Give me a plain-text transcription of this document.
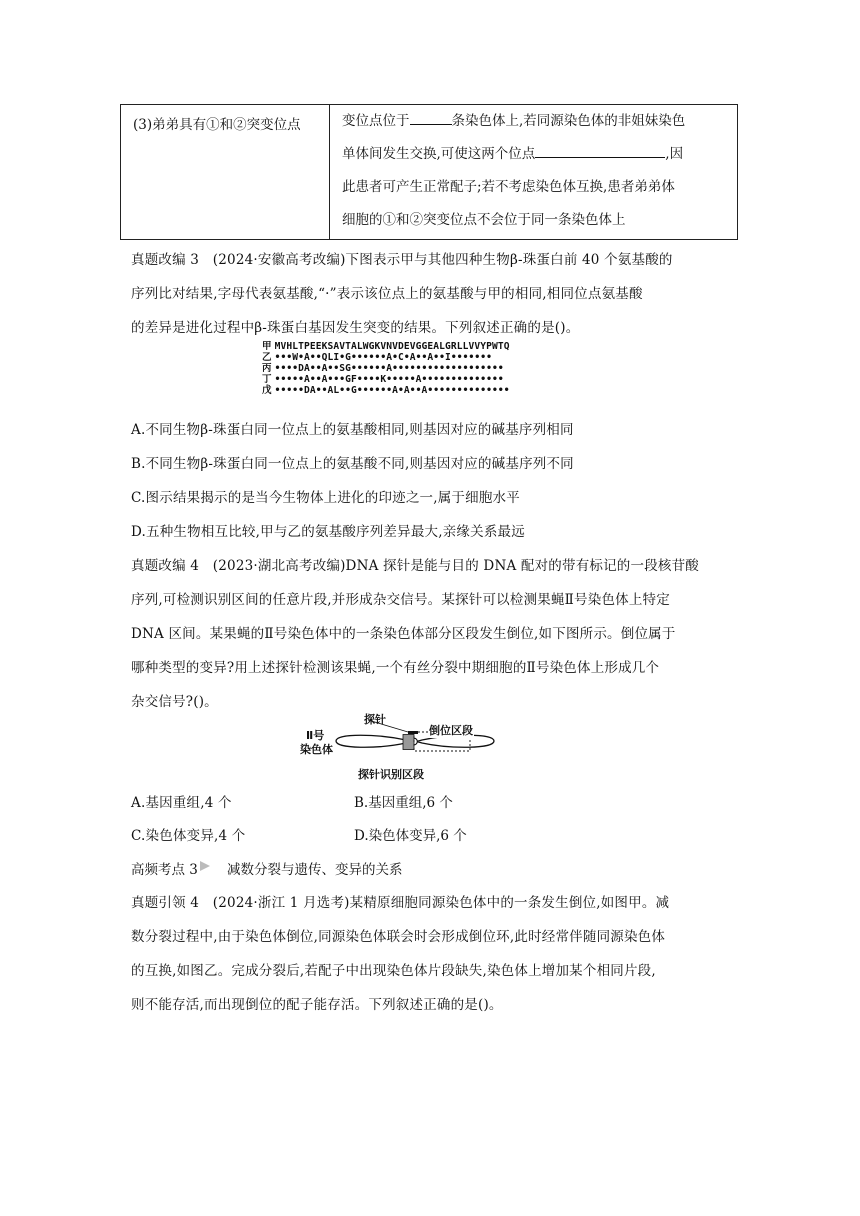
(3)弟弟具有①和②突变位点	变位点位于	条染色体上,若同源染色体的非姐妹染色
单体间发生交换,可使这两个位点	,因
此患者可产生正常配子;若不考虑染色体互换,患者弟弟体
细胞的①和②突变位点不会位于同一条染色体上
真题改编 3　(2024·安徽高考改编)下图表示甲与其他四种生物β-珠蛋白前 40 个氨基酸的
序列比对结果,字母代表氨基酸,“·”表示该位点上的氨基酸与甲的相同,相同位点氨基酸
的差异是进化过程中β-珠蛋白基因发生突变的结果。下列叙述正确的是()。
甲 MVHLTPEEKSAVTALWGKVNVDEVGGEALGRLLVVYPWTQ
乙 •••W•A••QLI•G••••••A•C•A••A••I•••••••
丙 ••••DA••A••SG••••••A•••••••••••••••••••
丁 •••••A••A•••GF••••K•••••A••••••••••••••
戊 •••••DA••AL••G••••••A•A••A••••••••••••••
A.不同生物β-珠蛋白同一位点上的氨基酸相同,则基因对应的碱基序列相同
B.不同生物β-珠蛋白同一位点上的氨基酸不同,则基因对应的碱基序列不同
C.图示结果揭示的是当今生物体上进化的印迹之一,属于细胞水平
D.五种生物相互比较,甲与乙的氨基酸序列差异最大,亲缘关系最远
真题改编 4　(2023·湖北高考改编)DNA 探针是能与目的 DNA 配对的带有标记的一段核苷酸
序列,可检测识别区间的任意片段,并形成杂交信号。某探针可以检测果蝇Ⅱ号染色体上特定
DNA 区间。某果蝇的Ⅱ号染色体中的一条染色体部分区段发生倒位,如下图所示。倒位属于
哪种类型的变异?用上述探针检测该果蝇,一个有丝分裂中期细胞的Ⅱ号染色体上形成几个
杂交信号?()。
Ⅱ号
染色体
探针
倒位区段
探针识别区段
A.基因重组,4 个	B.基因重组,6 个
C.染色体变异,4 个	D.染色体变异,6 个
高频考点 3 减数分裂与遗传、变异的关系
真题引领 4　(2024·浙江 1 月选考)某精原细胞同源染色体中的一条发生倒位,如图甲。减
数分裂过程中,由于染色体倒位,同源染色体联会时会形成倒位环,此时经常伴随同源染色体
的互换,如图乙。完成分裂后,若配子中出现染色体片段缺失,染色体上增加某个相同片段,
则不能存活,而出现倒位的配子能存活。下列叙述正确的是()。
